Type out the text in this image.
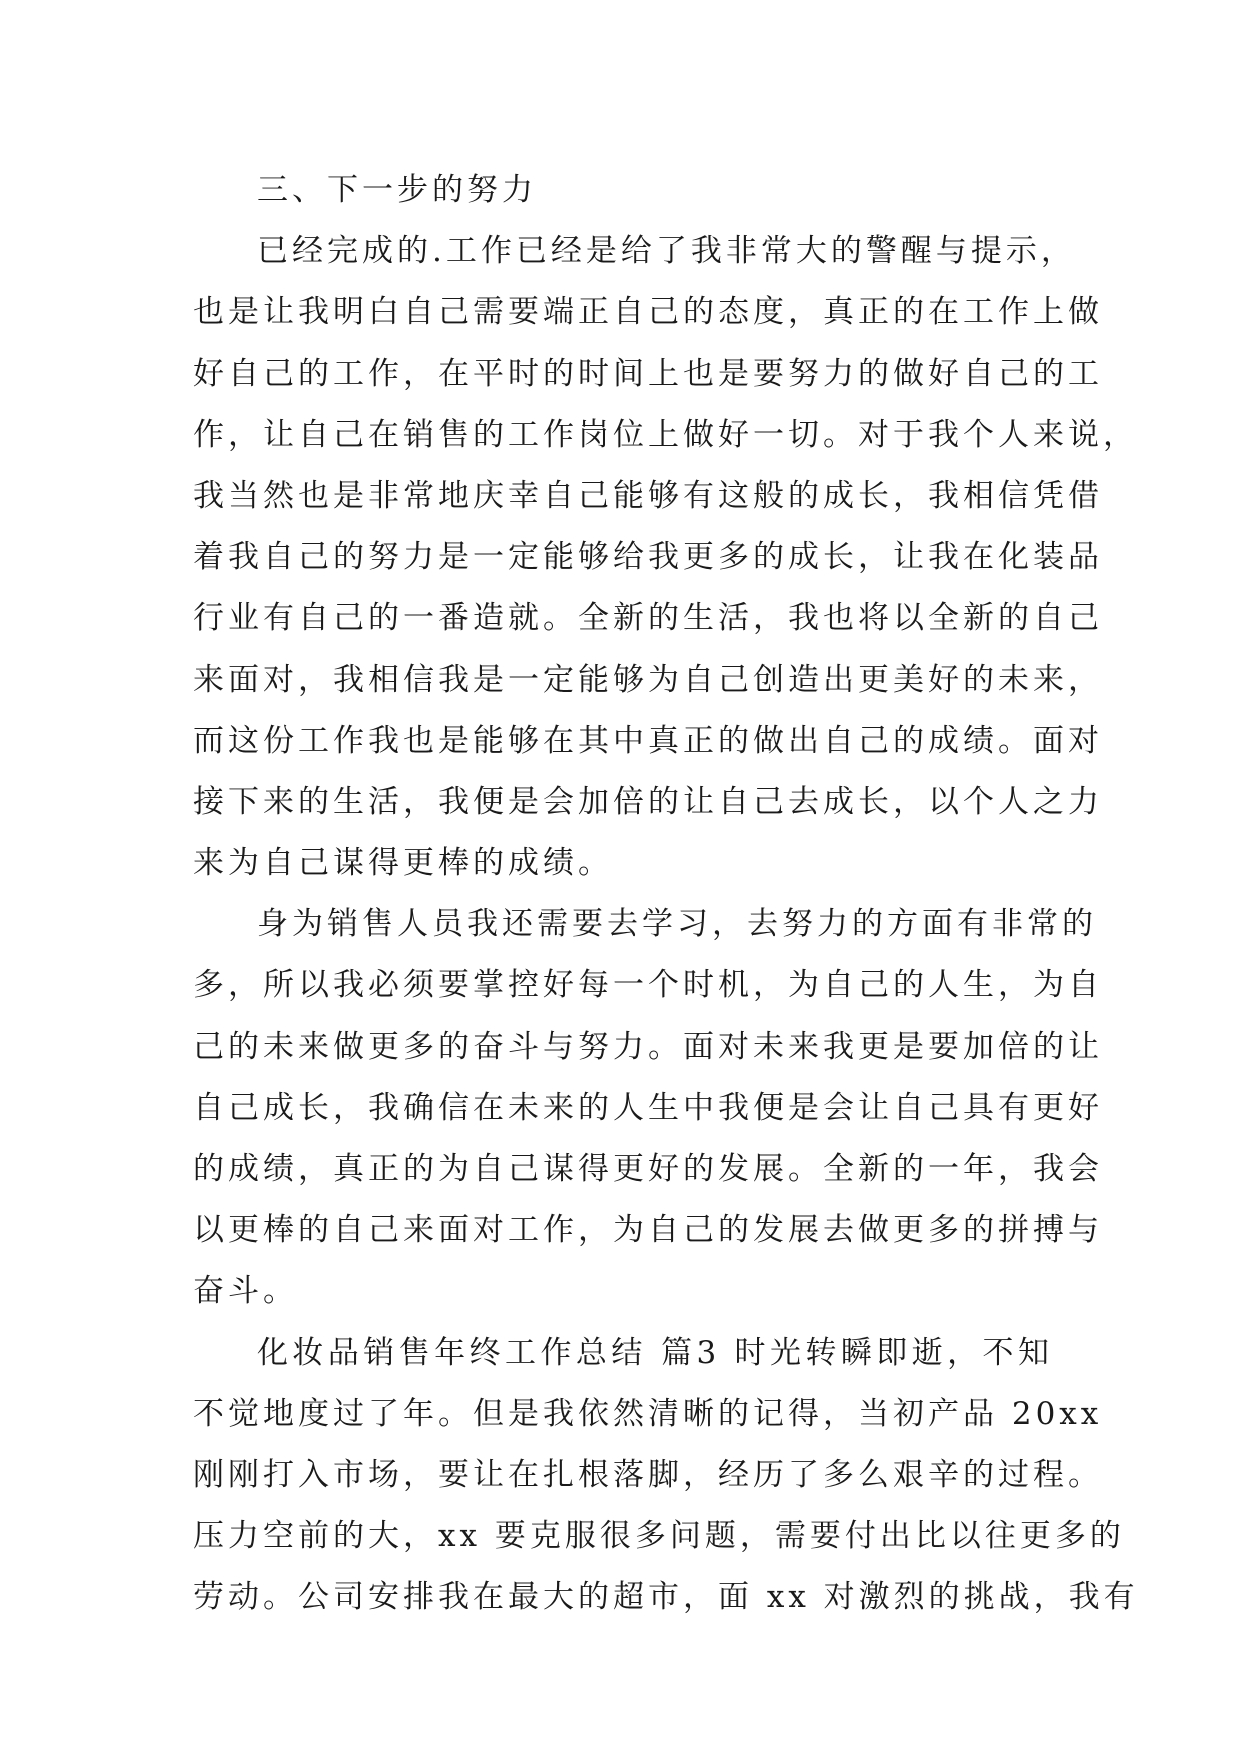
三、下一步的努力
已经完成的.工作已经是给了我非常大的警醒与提示，
也是让我明白自己需要端正自己的态度，真正的在工作上做
好自己的工作，在平时的时间上也是要努力的做好自己的工
作，让自己在销售的工作岗位上做好一切。对于我个人来说，
我当然也是非常地庆幸自己能够有这般的成长，我相信凭借
着我自己的努力是一定能够给我更多的成长，让我在化装品
行业有自己的一番造就。全新的生活，我也将以全新的自己
来面对，我相信我是一定能够为自己创造出更美好的未来，
而这份工作我也是能够在其中真正的做出自己的成绩。面对
接下来的生活，我便是会加倍的让自己去成长，以个人之力
来为自己谋得更棒的成绩。
身为销售人员我还需要去学习，去努力的方面有非常的
多，所以我必须要掌控好每一个时机，为自己的人生，为自
己的未来做更多的奋斗与努力。面对未来我更是要加倍的让
自己成长，我确信在未来的人生中我便是会让自己具有更好
的成绩，真正的为自己谋得更好的发展。全新的一年，我会
以更棒的自己来面对工作，为自己的发展去做更多的拼搏与
奋斗。
化妆品销售年终工作总结 篇3 时光转瞬即逝，不知
不觉地度过了年。但是我依然清晰的记得，当初产品 20xx
刚刚打入市场，要让在扎根落脚，经历了多么艰辛的过程。
压力空前的大，xx 要克服很多问题，需要付出比以往更多的
劳动。公司安排我在最大的超市，面 xx 对激烈的挑战，我有
